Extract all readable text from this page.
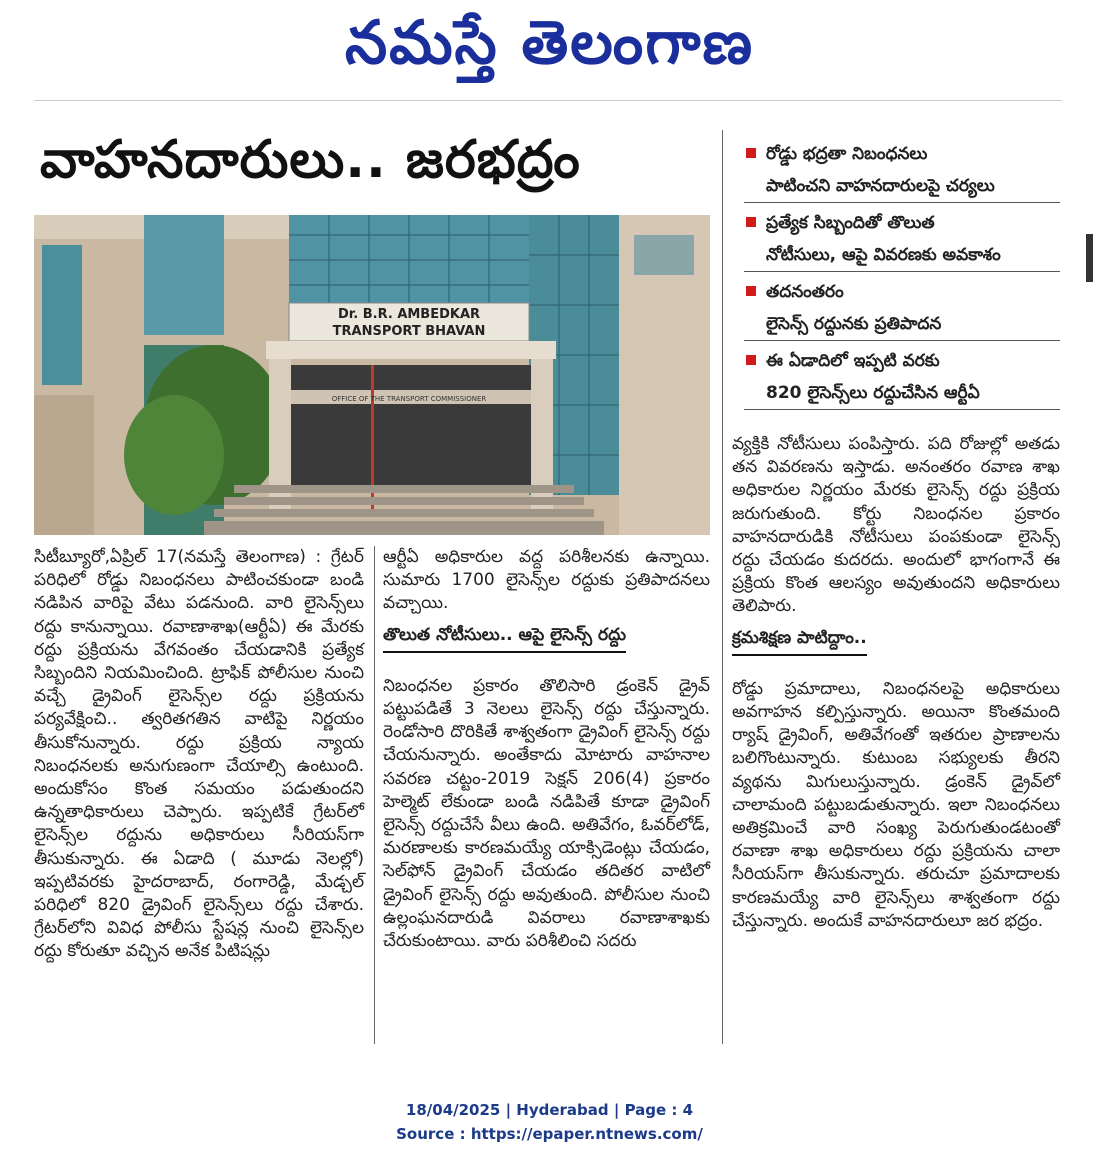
నమస్తే తెలంగాణ
వాహనదారులు.. జరభద్రం
Dr. B.R. AMBEDKAR
TRANSPORT BHAVAN
OFFICE OF THE TRANSPORT COMMISSIONER
రోడ్డు భద్రతా నిబంధనలు
పాటించని వాహనదారులపై చర్యలు
ప్రత్యేక సిబ్బందితో తొలుత
నోటీసులు, ఆపై వివరణకు అవకాశం
తదనంతరం
లైసెన్స్ రద్దునకు ప్రతిపాదన
ఈ ఏడాదిలో ఇప్పటి వరకు
820 లైసెన్స్‌లు రద్దుచేసిన ఆర్టీఏ

సిటీబ్యూరో,ఏప్రిల్ 17(నమస్తే తెలంగాణ) : గ్రేటర్ పరిధిలో రోడ్డు నిబంధనలు పాటించకుండా బండి నడిపిన వారిపై వేటు పడనుంది. వారి లైసెన్స్‌లు రద్దు కానున్నాయి. రవాణాశాఖ(ఆర్టీఏ) ఈ మేరకు రద్దు ప్రక్రియను వేగవంతం చేయడానికి ప్రత్యేక సిబ్బందిని నియమించింది. ట్రాఫిక్ పోలీసుల నుంచి వచ్చే డ్రైవింగ్ లైసెన్స్‌ల రద్దు ప్రక్రియను పర్యవేక్షించి.. త్వరితగతిన వాటిపై నిర్ణయం తీసుకోనున్నారు. రద్దు ప్రక్రియ న్యాయ నిబంధనలకు అనుగుణంగా చేయాల్సి ఉంటుంది. అందుకోసం కొంత సమయం పడుతుందని ఉన్నతాధికారులు చెప్పారు. ఇప్పటికే గ్రేటర్‌లో లైసెన్స్‌ల రద్దును అధికారులు సీరియస్‌గా తీసుకున్నారు. ఈ ఏడాది ( మూడు నెలల్లో) ఇప్పటివరకు హైదరాబాద్, రంగారెడ్డి, మేడ్చల్ పరిధిలో 820 డ్రైవింగ్ లైసెన్స్‌లు రద్దు చేశారు. గ్రేటర్‌లోని వివిధ పోలీసు స్టేషన్ల నుంచి లైసెన్స్‌ల రద్దు కోరుతూ వచ్చిన అనేక పిటిషన్లు

ఆర్టీఏ అధికారుల వద్ద పరిశీలనకు ఉన్నాయి. సుమారు 1700 లైసెన్స్‌ల రద్దుకు ప్రతిపాదనలు వచ్చాయి.

తొలుత నోటీసులు.. ఆపై లైసెన్స్ రద్దు

నిబంధనల ప్రకారం తొలిసారి డ్రంకెన్ డ్రైవ్ పట్టుపడితే 3 నెలలు లైసెన్స్ రద్దు చేస్తున్నారు. రెండోసారి దొరికితే శాశ్వతంగా డ్రైవింగ్ లైసెన్స్ రద్దు చేయనున్నారు. అంతేకాదు మోటారు వాహనాల సవరణ చట్టం-2019 సెక్షన్ 206(4) ప్రకారం హెల్మెట్ లేకుండా బండి నడిపితే కూడా డ్రైవింగ్ లైసెన్స్ రద్దుచేసే వీలు ఉంది. అతివేగం, ఓవర్‌లోడ్, మరణాలకు కారణమయ్యే యాక్సిడెంట్లు చేయడం, సెల్‌ఫోన్ డ్రైవింగ్ చేయడం తదితర వాటిలో డ్రైవింగ్ లైసెన్స్ రద్దు అవుతుంది. పోలీసుల నుంచి ఉల్లంఘనదారుడి వివరాలు రవాణాశాఖకు చేరుకుంటాయి. వారు పరిశీలించి సదరు

వ్యక్తికి నోటీసులు పంపిస్తారు. పది రోజుల్లో అతడు తన వివరణను ఇస్తాడు. అనంతరం రవాణ శాఖ అధికారుల నిర్ణయం మేరకు లైసెన్స్ రద్దు ప్రక్రియ జరుగుతుంది. కోర్టు నిబంధనల ప్రకారం వాహనదారుడికి నోటీసులు పంపకుండా లైసెన్స్ రద్దు చేయడం కుదరదు. అందులో భాగంగానే ఈ ప్రక్రియ కొంత ఆలస్యం అవుతుందని అధికారులు తెలిపారు.

క్రమశిక్షణ పాటిద్దాం..

రోడ్డు ప్రమాదాలు, నిబంధనలపై అధికారులు అవగాహన కల్పిస్తున్నారు. అయినా కొంతమంది ర్యాష్ డ్రైవింగ్, అతివేగంతో ఇతరుల ప్రాణాలను బలిగొంటున్నారు. కుటుంబ సభ్యులకు తీరని వ్యథను మిగులుస్తున్నారు. డ్రంకెన్ డ్రైవ్‌లో చాలామంది పట్టుబడుతున్నారు. ఇలా నిబంధనలు అతిక్రమించే వారి సంఖ్య పెరుగుతుండటంతో రవాణా శాఖ అధికారులు రద్దు ప్రక్రియను చాలా సీరియస్‌గా తీసుకున్నారు. తరుచూ ప్రమాదాలకు కారణమయ్యే వారి లైసెన్స్‌లు శాశ్వతంగా రద్దు చేస్తున్నారు. అందుకే వాహనదారులూ జర భద్రం.

18/04/2025 | Hyderabad | Page : 4
Source : https://epaper.ntnews.com/
